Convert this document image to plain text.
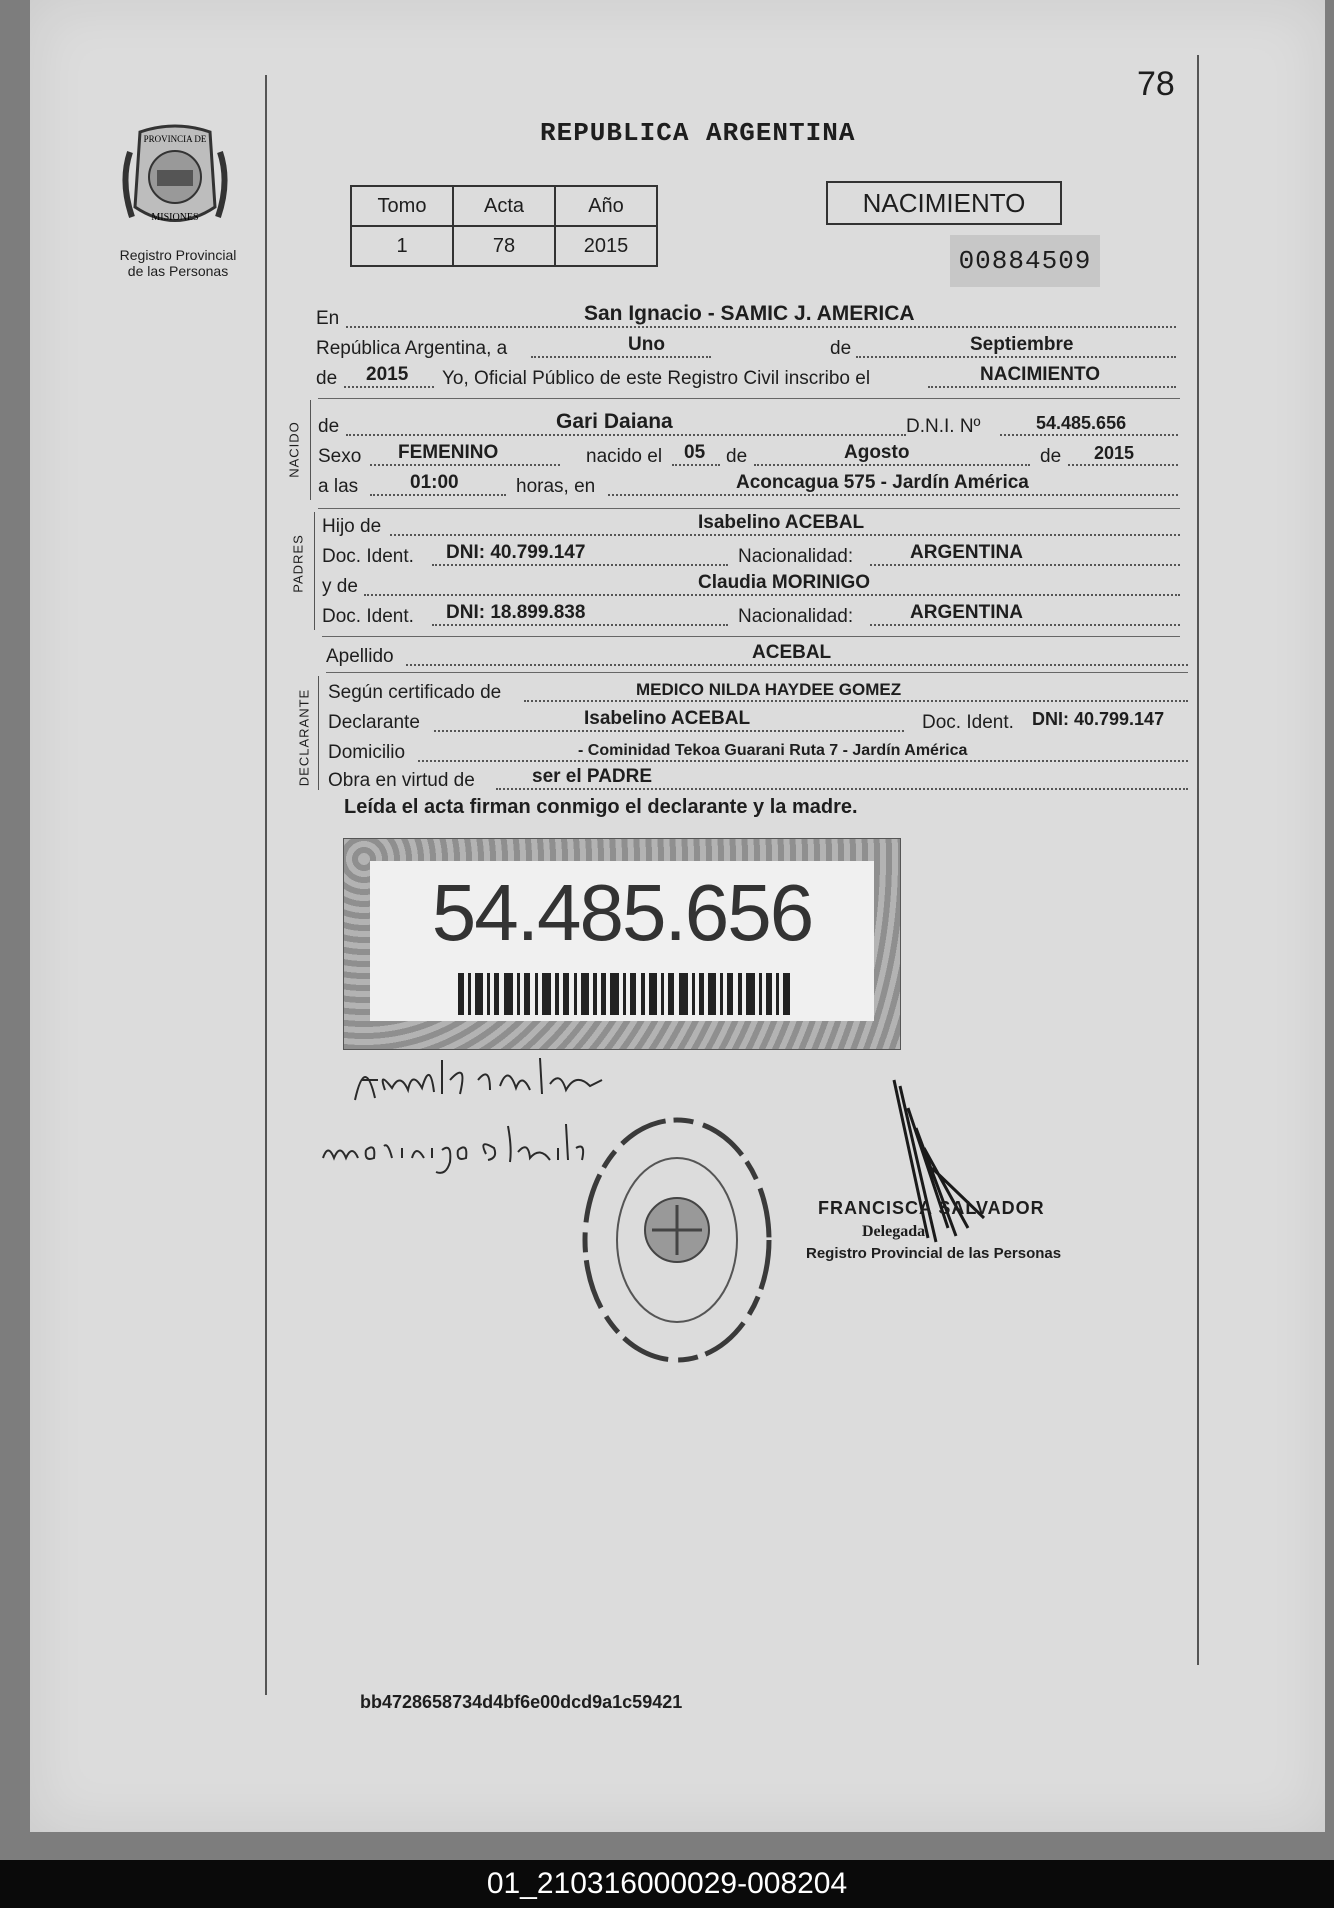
78
REPUBLICA ARGENTINA
PROVINCIA DE
MISIONES
Registro Provincial
de las Personas
Tomo	Acta	Año
1	78	2015
NACIMIENTO
00884509
En	San Ignacio - SAMIC J. AMERICA
República Argentina, a	Uno	de	Septiembre
de 2015 Yo, Oficial Público de este Registro Civil inscribo el	NACIMIENTO
NACIDO de	Gari Daiana	D.N.I. Nº	54.485.656
Sexo FEMENINO	nacido el 05 de	Agosto	de 2015
a las	01:00	horas, en	Aconcagua 575 - Jardín América
PADRES
Hijo de	Isabelino ACEBAL
Doc. Ident. DNI: 40.799.147	Nacionalidad:	ARGENTINA
y de	Claudia MORINIGO
Doc. Ident. DNI: 18.899.838	Nacionalidad:	ARGENTINA
Apellido	ACEBAL
DECLARANTE Según certificado de	MEDICO NILDA HAYDEE GOMEZ
Declarante	Isabelino ACEBAL	Doc. Ident. DNI: 40.799.147
Domicilio	- Cominidad Tekoa Guarani Ruta 7 - Jardín América
Obra en virtud de	ser el PADRE
Leída el acta firman conmigo el declarante y la madre.
54.485.656
FRANCISCA SALVADOR
Delegada
Registro Provincial de las Personas
bb4728658734d4bf6e00dcd9a1c59421
01_210316000029-008204
